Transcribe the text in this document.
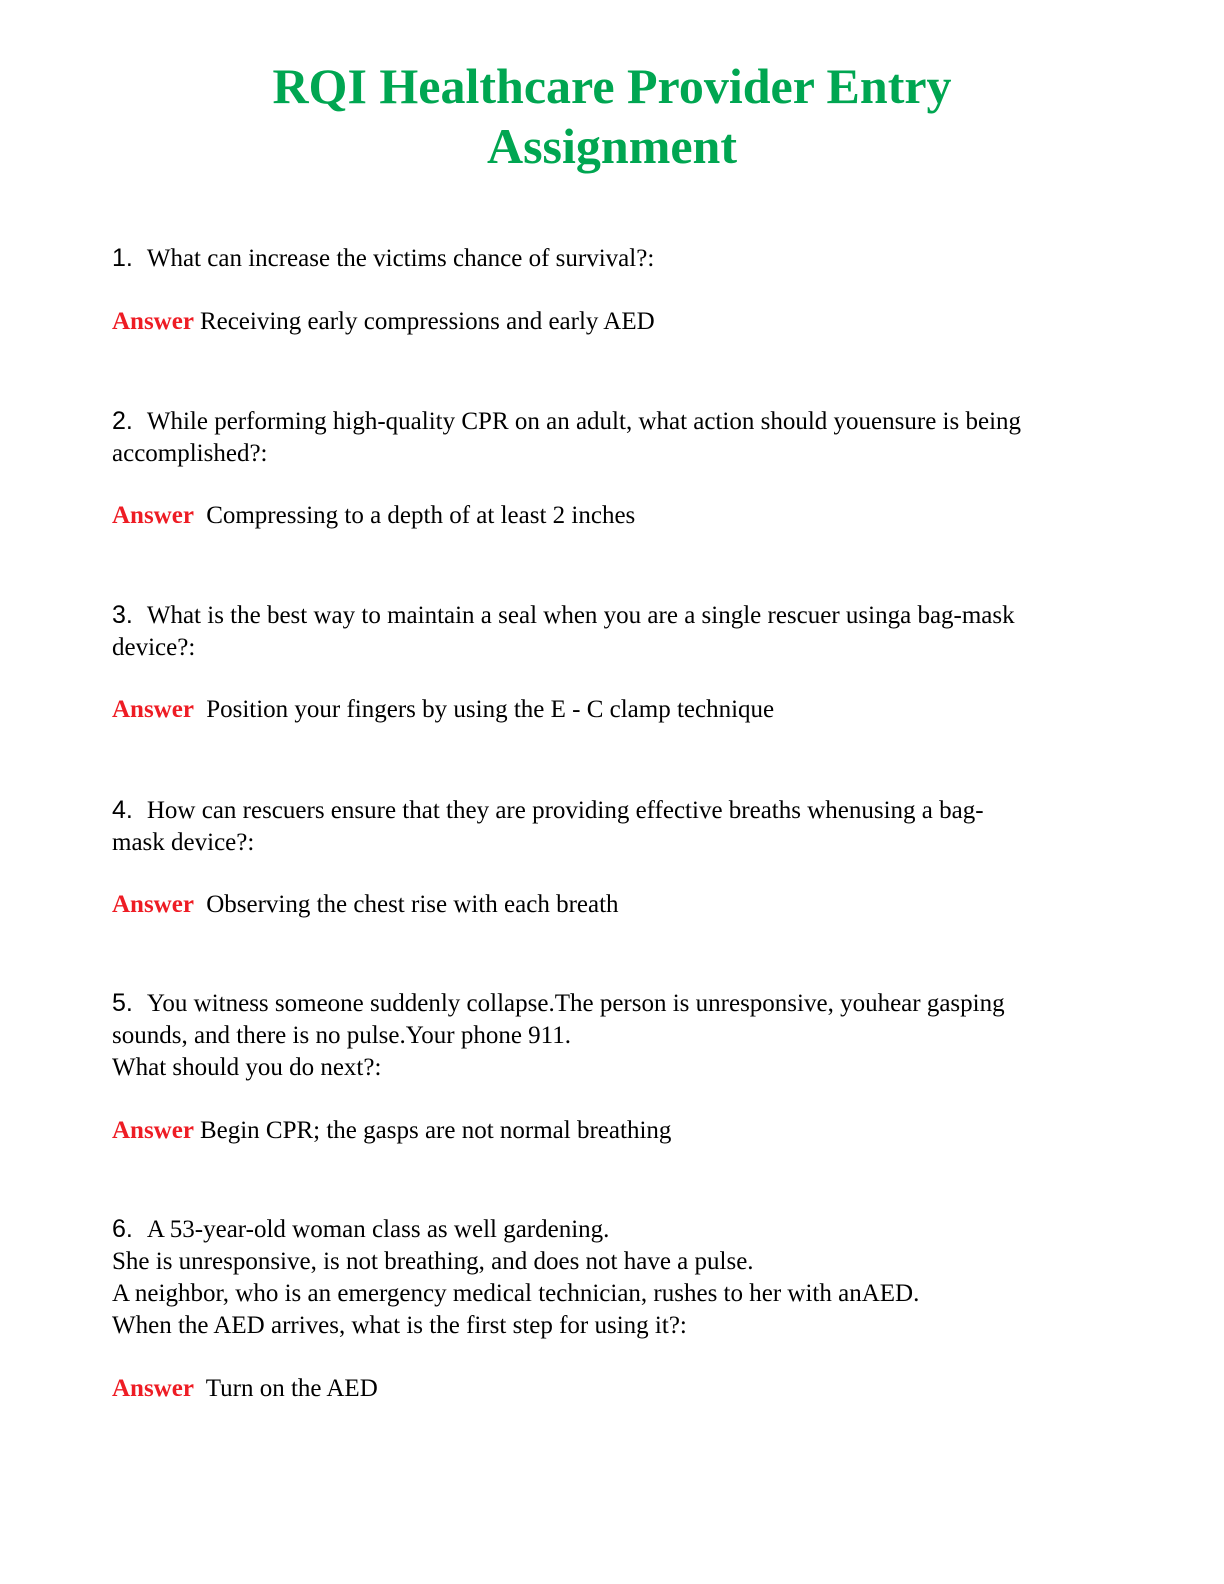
RQI Healthcare Provider Entry
Assignment

1. What can increase the victims chance of survival?:

Answer Receiving early compressions and early AED

2. While performing high-quality CPR on an adult, what action should youensure is being
accomplished?:

Answer Compressing to a depth of at least 2 inches

3. What is the best way to maintain a seal when you are a single rescuer usinga bag-mask
device?:

Answer Position your fingers by using the E - C clamp technique

4. How can rescuers ensure that they are providing effective breaths whenusing a bag-
mask device?:

Answer Observing the chest rise with each breath

5. You witness someone suddenly collapse.The person is unresponsive, youhear gasping
sounds, and there is no pulse.Your phone 911.
What should you do next?:

Answer Begin CPR; the gasps are not normal breathing

6. A 53-year-old woman class as well gardening.
She is unresponsive, is not breathing, and does not have a pulse.
A neighbor, who is an emergency medical technician, rushes to her with anAED.
When the AED arrives, what is the first step for using it?:

Answer Turn on the AED
